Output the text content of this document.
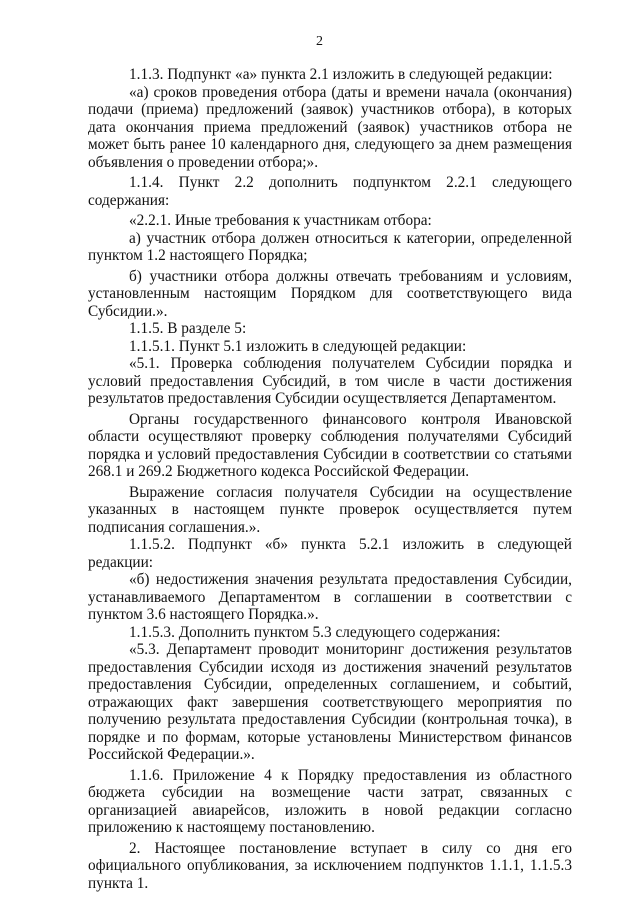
2

1.1.3. Подпункт «а» пункта 2.1 изложить в следующей редакции:

«а) сроков проведения отбора (даты и времени начала (окончания) подачи (приема) предложений (заявок) участников отбора), в которых дата окончания приема предложений (заявок) участников отбора не может быть ранее 10 календарного дня, следующего за днем размещения объявления о проведении отбора;».

1.1.4. Пункт 2.2 дополнить подпунктом 2.2.1 следующего содержания:

«2.2.1. Иные требования к участникам отбора:

а) участник отбора должен относиться к категории, определенной пунктом 1.2 настоящего Порядка;

б) участники отбора должны отвечать требованиям и условиям, установленным настоящим Порядком для соответствующего вида Субсидии.».

1.1.5. В разделе 5:

1.1.5.1. Пункт 5.1 изложить в следующей редакции:

«5.1. Проверка соблюдения получателем Субсидии порядка и условий предоставления Субсидий, в том числе в части достижения результатов предоставления Субсидии осуществляется Департаментом.

Органы государственного финансового контроля Ивановской области осуществляют проверку соблюдения получателями Субсидий порядка и условий предоставления Субсидии в соответствии со статьями 268.1 и 269.2 Бюджетного кодекса Российской Федерации.

Выражение согласия получателя Субсидии на осуществление указанных в настоящем пункте проверок осуществляется путем подписания соглашения.».

1.1.5.2. Подпункт «б» пункта 5.2.1 изложить в следующей редакции:

«б) недостижения значения результата предоставления Субсидии, устанавливаемого Департаментом в соглашении в соответствии с пунктом 3.6 настоящего Порядка.».

1.1.5.3. Дополнить пунктом 5.3 следующего содержания:

«5.3. Департамент проводит мониторинг достижения результатов предоставления Субсидии исходя из достижения значений результатов предоставления Субсидии, определенных соглашением, и событий, отражающих факт завершения соответствующего мероприятия по получению результата предоставления Субсидии (контрольная точка), в порядке и по формам, которые установлены Министерством финансов Российской Федерации.».

1.1.6. Приложение 4 к Порядку предоставления из областного бюджета субсидии на возмещение части затрат, связанных с организацией авиарейсов, изложить в новой редакции согласно приложению к настоящему постановлению.

2. Настоящее постановление вступает в силу со дня его официального опубликования, за исключением подпунктов 1.1.1, 1.1.5.3 пункта 1.
